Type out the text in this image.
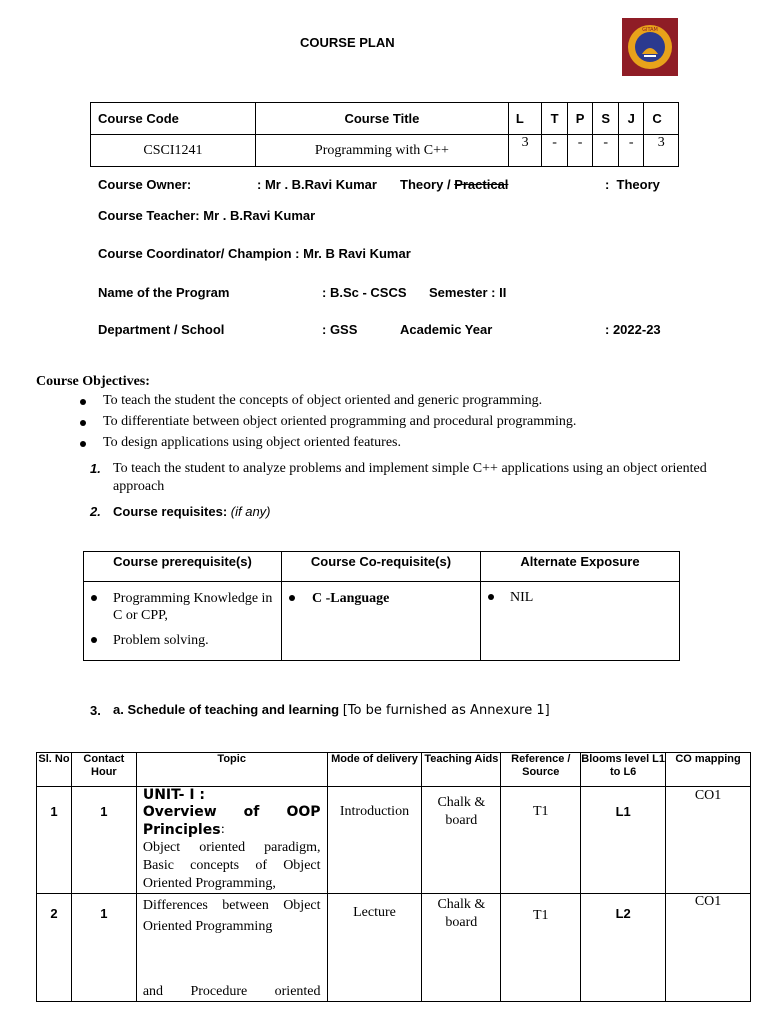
COURSE PLAN
GITAM
Course Code	Course Title	L	T	P	S	J	C
CSCI1241	Programming with C++	3	-	-	-	-	3
Course Owner:	: Mr . B.Ravi Kumar Theory / Practical	:  Theory
Course Teacher: Mr . B.Ravi Kumar
Course Coordinator/ Champion : Mr. B Ravi Kumar
Name of the Program	: B.Sc - CSCS Semester : II
Department / School	: GSS	Academic Year	: 2022-23
Course Objectives:
To teach the student the concepts of object oriented and generic programming.
To differentiate between object oriented programming and procedural programming.
To design applications using object oriented features.
1. To teach the student to analyze problems and implement simple C++ applications using an object oriented approach
2. Course requisites: (if any)
Course prerequisite(s)	Course Co-requisite(s)	Alternate Exposure

Programming Knowledge in C or CPP,
Problem solving.	C -Language	NIL
3. a. Schedule of teaching and learning [To be furnished as Annexure 1]
Sl. No	Contact Hour	Topic	Mode of delivery	Teaching Aids	Reference / Source	Blooms level L1 to L6	CO mapping
1	1	UNIT- I :
Overview of OOP Principles :
Object oriented paradigm, Basic concepts of Object Oriented Programming,	Introduction	Chalk & board	T1	L1	CO1
2	1	Differences between Object Oriented Programming
and Procedure oriented	Lecture	Chalk & board	T1	L2	CO1
